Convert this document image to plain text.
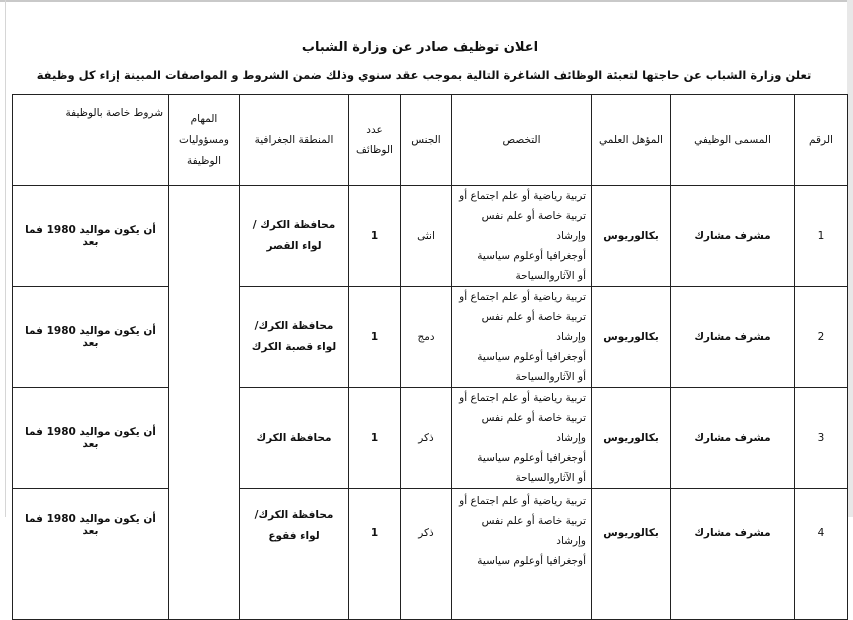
اعلان توظيف صادر عن وزارة الشباب
تعلن وزارة الشباب عن حاجتها لتعبئة الوظائف الشاغرة التالية بموجب عقد سنوي وذلك ضمن الشروط و المواصفات المبينة إزاء كل وظيفة
الرقم	المسمى الوظيفي	المؤهل العلمي	التخصص	الجنس	عدد
الوظائف	المنطقة الجغرافية	المهام
ومسؤوليات
الوظيفة	شروط خاصة بالوظيفة
1	مشرف مشارك	بكالوريوس	تربية رياضية أو علم اجتماع أو
تربية خاصة أو علم نفس وإرشاد
أوجغرافيا أوعلوم سياسية
أو الآثاروالسياحة	انثى	1	محافظة الكرك /
لواء القصر		أن يكون مواليد 1980 فما بعد
2	مشرف مشارك	بكالوريوس	تربية رياضية أو علم اجتماع أو
تربية خاصة أو علم نفس وإرشاد
أوجغرافيا أوعلوم سياسية
أو الآثاروالسياحة	دمج	1	محافظة الكرك/
لواء قصبة الكرك		أن يكون مواليد 1980 فما بعد
3	مشرف مشارك	بكالوريوس	تربية رياضية أو علم اجتماع أو
تربية خاصة أو علم نفس وإرشاد
أوجغرافيا أوعلوم سياسية
أو الآثاروالسياحة	ذكر	1	محافظة الكرك		أن يكون مواليد 1980 فما بعد
4	مشرف مشارك	بكالوريوس	تربية رياضية أو علم اجتماع أو
تربية خاصة أو علم نفس وإرشاد
أوجغرافيا أوعلوم سياسية	ذكر	1	محافظة الكرك/
لواء فقوع		أن يكون مواليد 1980 فما بعد
